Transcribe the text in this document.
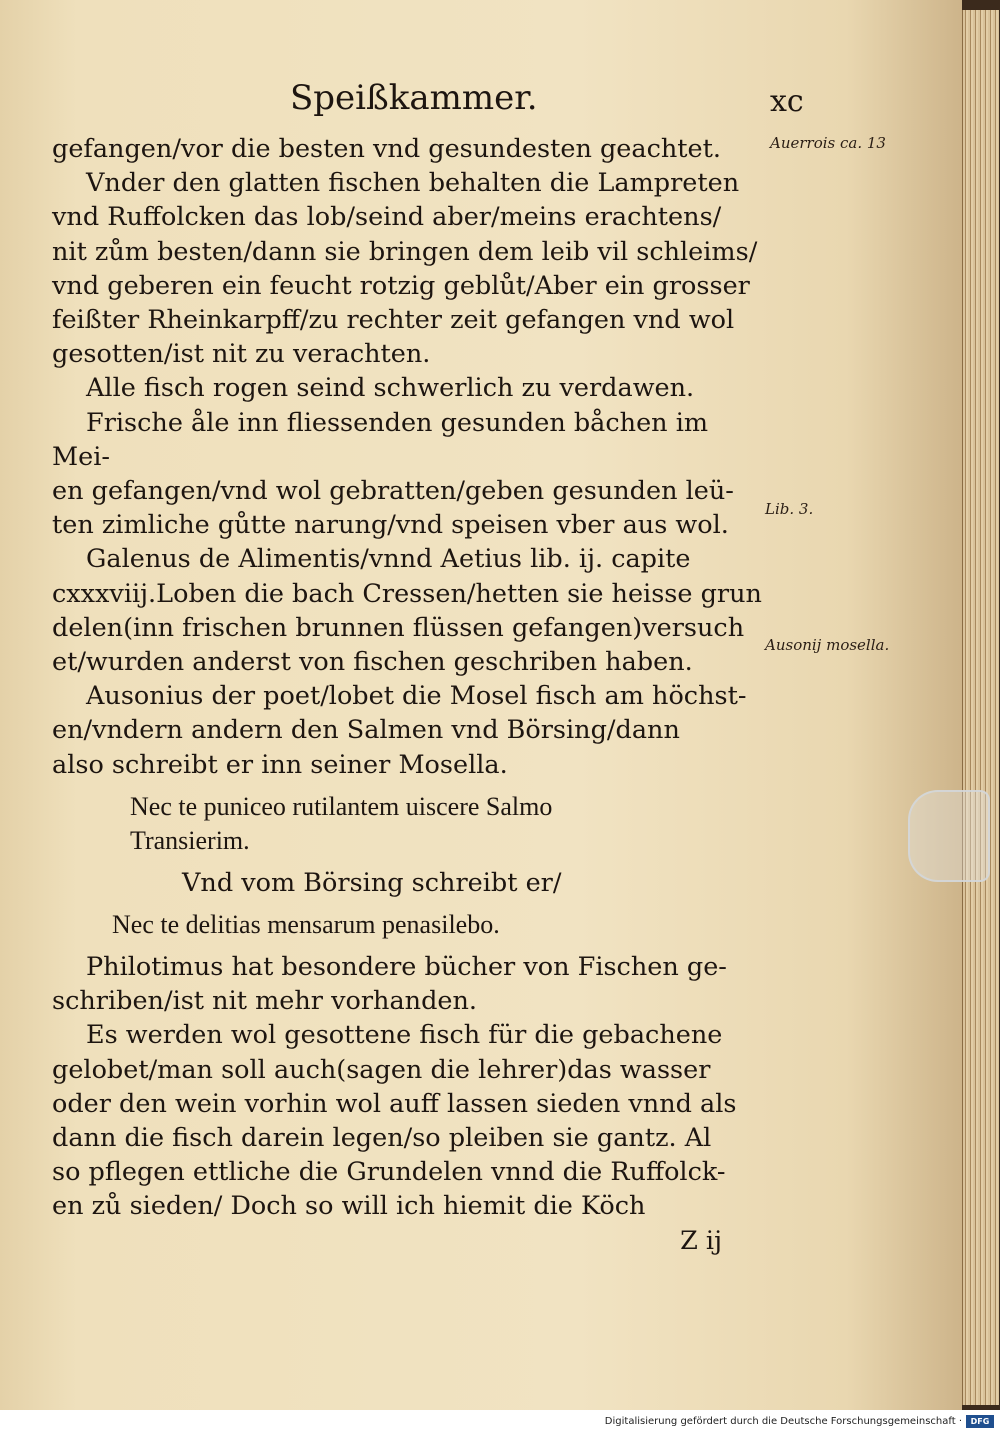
Speißkammer.	xc

gefangen/vor die besten vnd gesundesten geachtet.

Vnder den glatten fischen behalten die Lampreten

vnd Ruffolcken das lob/seind aber/meins erachtens/

nit zům besten/dann sie bringen dem leib vil schleims/

vnd geberen ein feucht rotzig geblůt/Aber ein grosser

feißter Rheinkarpff/zu rechter zeit gefangen vnd wol

gesotten/ist nit zu verachten.

Alle fisch rogen seind schwerlich zu verdawen.

Frische åle inn fliessenden gesunden båchen im Mei-

en gefangen/vnd wol gebratten/geben gesunden leü-

ten zimliche gůtte narung/vnd speisen vber aus wol.

Galenus de Alimentis/vnnd Aetius lib. ij. capite

cxxxviij.Loben die bach Cressen/hetten sie heisse grun

delen(inn frischen brunnen flüssen gefangen)versuch

et/wurden anderst von fischen geschriben haben.

Ausonius der poet/lobet die Mosel fisch am höchst-

en/vndern andern den Salmen vnd Börsing/dann

also schreibt er inn seiner Mosella.

Nec te puniceo rutilantem uiscere Salmo

Transierim.

Vnd vom Börsing schreibt er/

Nec te delitias mensarum penasilebo.

Philotimus hat besondere bücher von Fischen ge-

schriben/ist nit mehr vorhanden.

Es werden wol gesottene fisch für die gebachene

gelobet/man soll auch(sagen die lehrer)das wasser

oder den wein vorhin wol auff lassen sieden vnnd als

dann die fisch darein legen/so pleiben sie gantz. Al

so pflegen ettliche die Grundelen vnnd die Ruffolck-

en zů sieden/ Doch so will ich hiemit die Köch

Z ij

Auerrois ca. 13
Lib. 3.
Ausonij mosella.
Digitalisierung gefördert durch die Deutsche Forschungsgemeinschaft ·	DFG
